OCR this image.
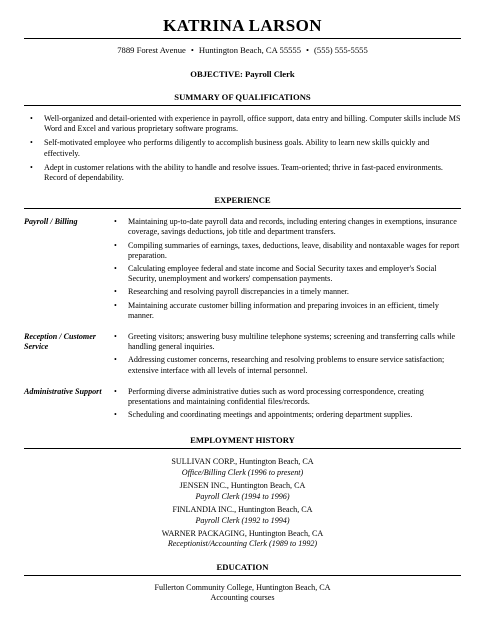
KATRINA LARSON
7889 Forest Avenue • Huntington Beach, CA 55555 • (555) 555-5555
OBJECTIVE: Payroll Clerk
SUMMARY OF QUALIFICATIONS
• Well-organized and detail-oriented with experience in payroll, office support, data entry and billing. Computer skills include MS Word and Excel and various proprietary software programs.
• Self-motivated employee who performs diligently to accomplish business goals. Ability to learn new skills quickly and effectively.
• Adept in customer relations with the ability to handle and resolve issues. Team-oriented; thrive in fast-paced environments. Record of dependability.
EXPERIENCE
Payroll / Billing	• Maintaining up-to-date payroll data and records, including entering changes in exemptions, insurance coverage, savings deductions, job title and department transfers.
• Compiling summaries of earnings, taxes, deductions, leave, disability and nontaxable wages for report preparation.
• Calculating employee federal and state income and Social Security taxes and employer's Social Security, unemployment and workers' compensation payments.
• Researching and resolving payroll discrepancies in a timely manner.
• Maintaining accurate customer billing information and preparing invoices in an efficient, timely manner.
Reception / Customer Service
• Greeting visitors; answering busy multiline telephone systems; screening and transferring calls while handling general inquiries.
• Addressing customer concerns, researching and resolving problems to ensure service satisfaction; extensive interface with all levels of internal personnel.
Administrative Support	• Performing diverse administrative duties such as word processing correspondence, creating presentations and maintaining confidential files/records.
• Scheduling and coordinating meetings and appointments; ordering department supplies.
EMPLOYMENT HISTORY
SULLIVAN CORP., Huntington Beach, CA
Office/Billing Clerk (1996 to present)
JENSEN INC., Huntington Beach, CA
Payroll Clerk (1994 to 1996)
FINLANDIA INC., Huntington Beach, CA
Payroll Clerk (1992 to 1994)
WARNER PACKAGING, Huntington Beach, CA
Receptionist/Accounting Clerk (1989 to 1992)
EDUCATION
Fullerton Community College, Huntington Beach, CA
Accounting courses
